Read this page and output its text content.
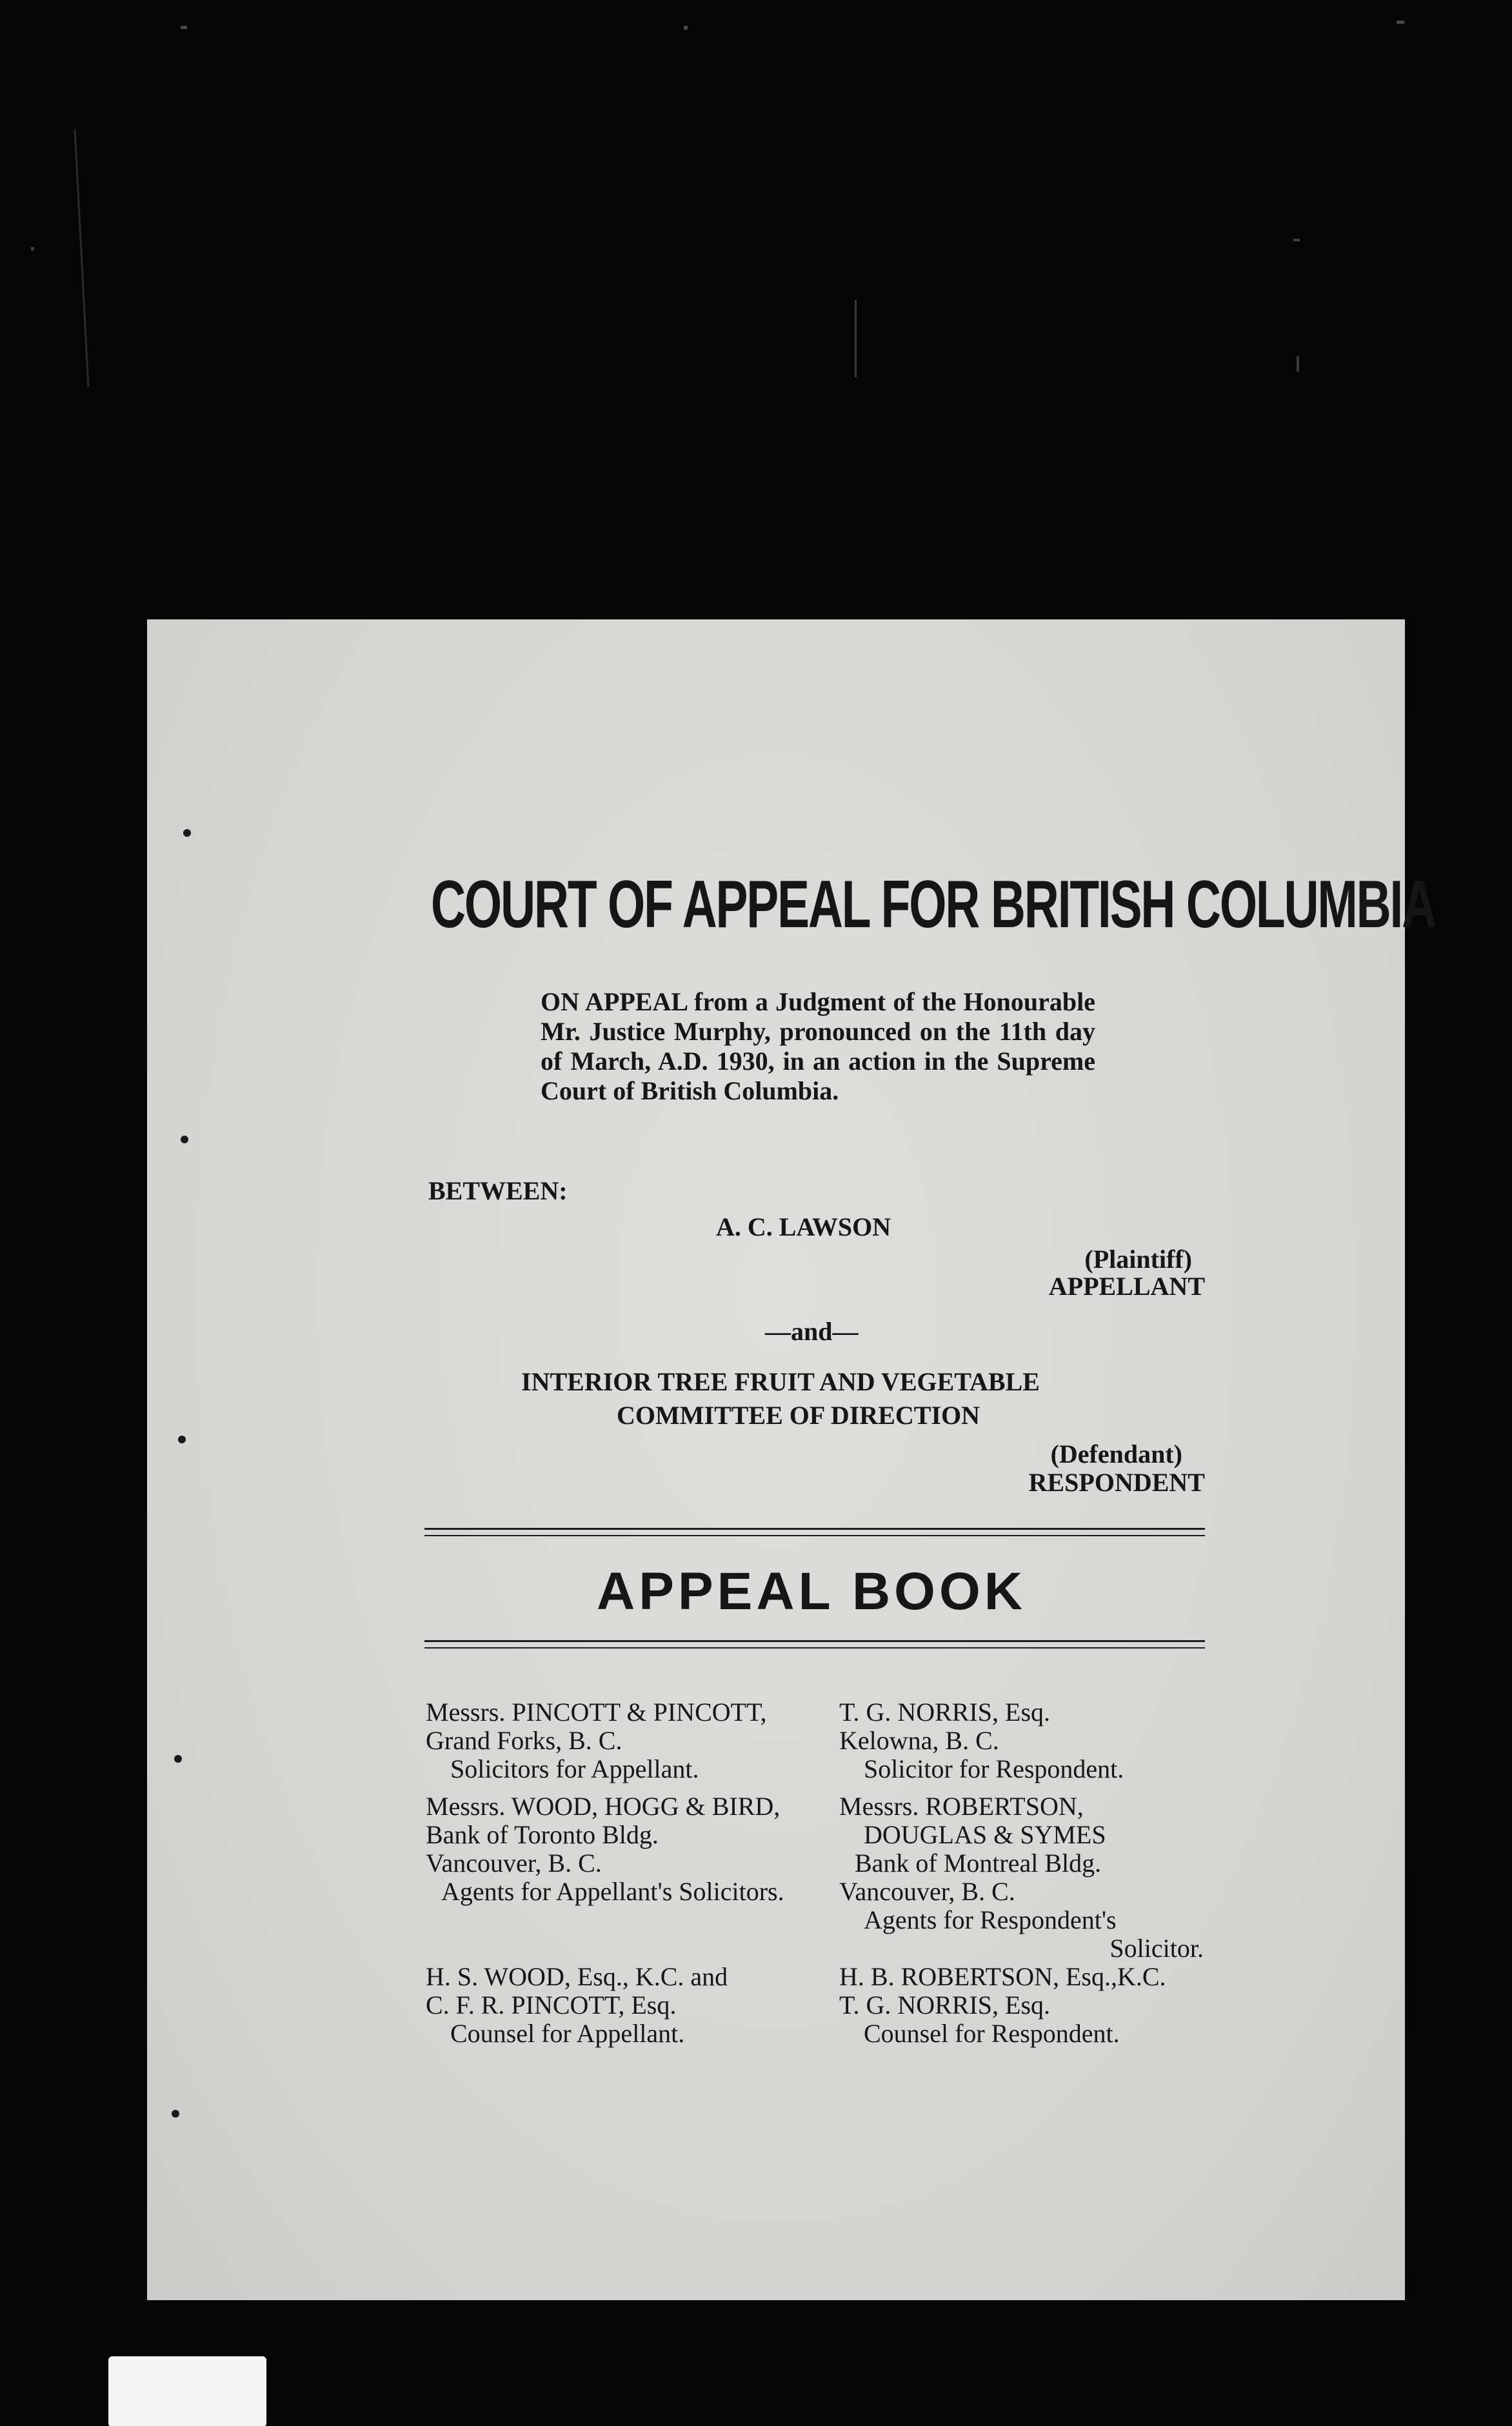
COURT OF APPEAL FOR BRITISH COLUMBIA

ON APPEAL from a Judgment of the Honourable Mr. Justice Murphy, pronounced on the 11th day of March, A.D. 1930, in an action in the Supreme Court of British Columbia.

BETWEEN:

A. C. LAWSON

(Plaintiff)

APPELLANT

—and—

INTERIOR TREE FRUIT AND VEGETABLE

COMMITTEE OF DIRECTION

(Defendant)

RESPONDENT

APPEAL BOOK

Messrs. PINCOTT & PINCOTT,

Grand Forks, B. C.

Solicitors for Appellant.

Messrs. WOOD, HOGG & BIRD,

Bank of Toronto Bldg.

Vancouver, B. C.

Agents for Appellant's Solicitors.

H. S. WOOD, Esq., K.C. and

C. F. R. PINCOTT, Esq.

Counsel for Appellant.

T. G. NORRIS, Esq.

Kelowna, B. C.

Solicitor for Respondent.

Messrs. ROBERTSON,

DOUGLAS & SYMES

Bank of Montreal Bldg.

Vancouver, B. C.

Agents for Respondent's

Solicitor.

H. B. ROBERTSON, Esq.,K.C.

T. G. NORRIS, Esq.

Counsel for Respondent.
